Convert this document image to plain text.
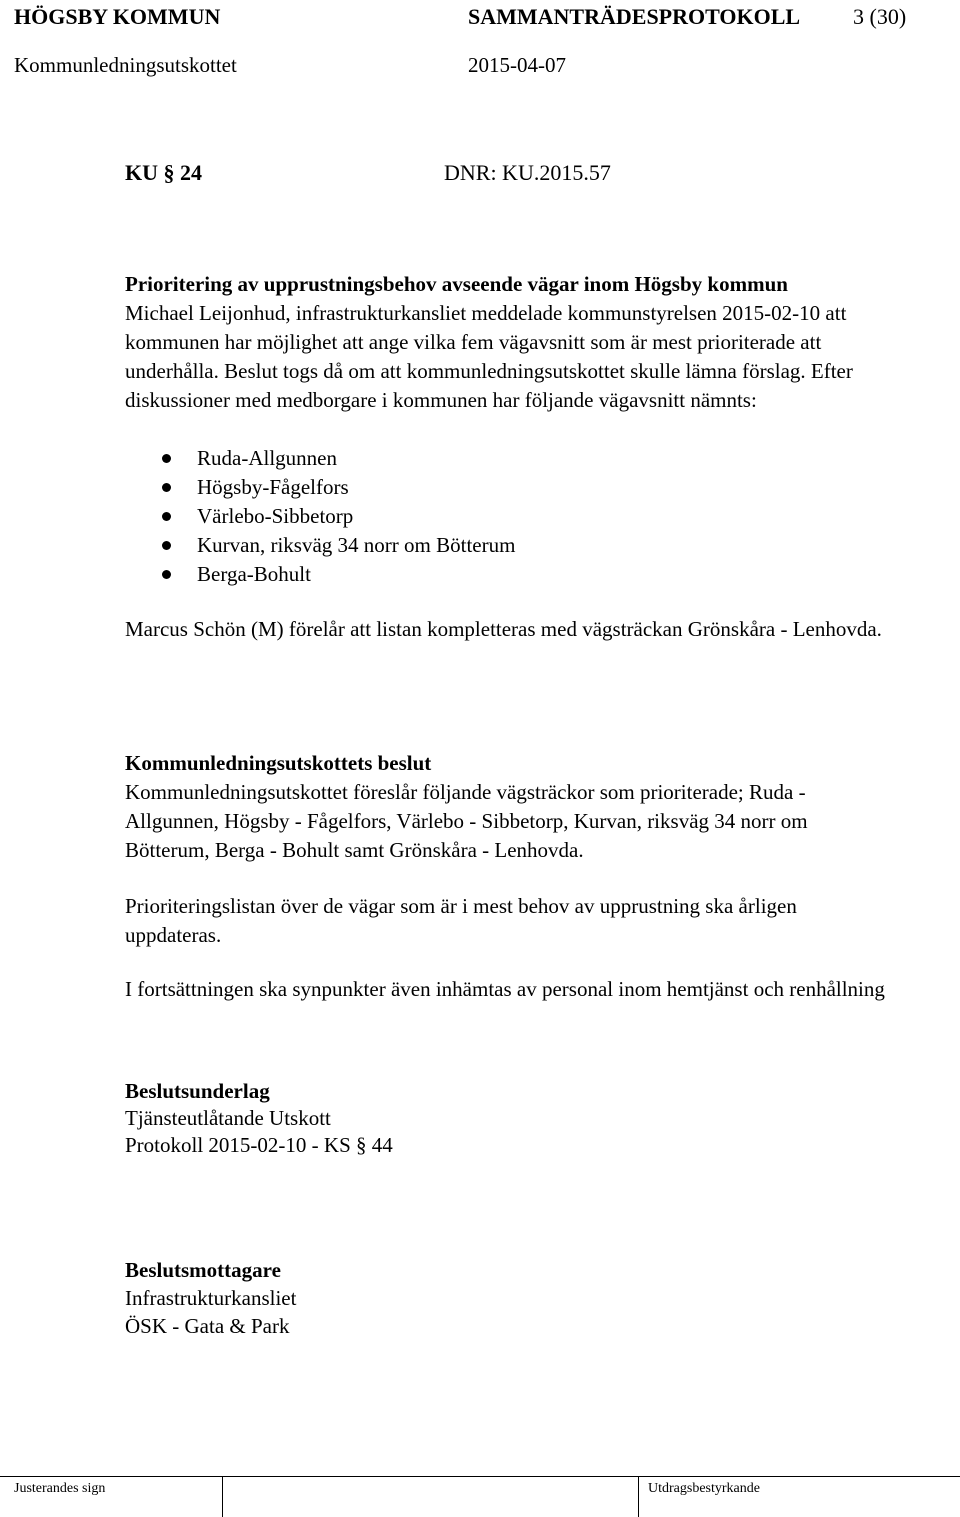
HÖGSBY KOMMUN	SAMMANTRÄDESPROTOKOLL 3 (30)
Kommunledningsutskottet	2015-04-07
KU § 24	DNR: KU.2015.57
Prioritering av upprustningsbehov avseende vägar inom Högsby kommun
Michael Leijonhud, infrastrukturkansliet meddelade kommunstyrelsen 2015-02-10 att kommunen har möjlighet att ange vilka fem vägavsnitt som är mest prioriterade att underhålla. Beslut togs då om att kommunledningsutskottet skulle lämna förslag. Efter diskussioner med medborgare i kommunen har följande vägavsnitt nämnts:
Ruda-Allgunnen
Högsby-Fågelfors
Värlebo-Sibbetorp
Kurvan, riksväg 34 norr om Bötterum
Berga-Bohult
Marcus Schön (M) förelår att listan kompletteras med vägsträckan Grönskåra - Lenhovda.
Kommunledningsutskottets beslut
Kommunledningsutskottet föreslår följande vägsträckor som prioriterade; Ruda - Allgunnen, Högsby - Fågelfors, Värlebo - Sibbetorp, Kurvan, riksväg 34 norr om Bötterum, Berga - Bohult samt Grönskåra - Lenhovda.
Prioriteringslistan över de vägar som är i mest behov av upprustning ska årligen uppdateras.
I fortsättningen ska synpunkter även inhämtas av personal inom hemtjänst och renhållning
Beslutsunderlag
Tjänsteutlåtande Utskott
Protokoll 2015-02-10 - KS § 44
Beslutsmottagare
Infrastrukturkansliet
ÖSK - Gata & Park
Justerandes sign	Utdragsbestyrkande
